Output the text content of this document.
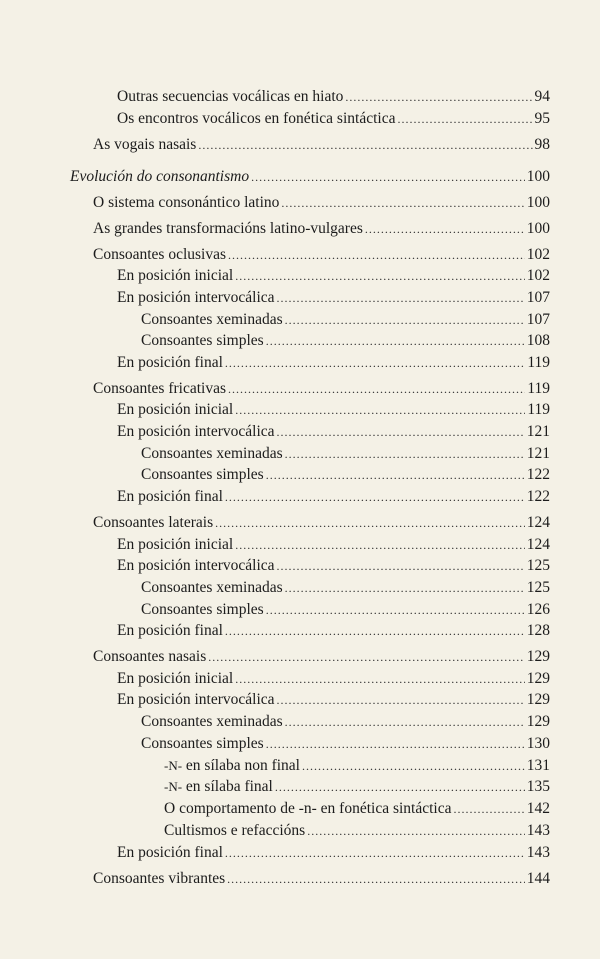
Outras secuencias vocálicas en hiato .....	94
Os encontros vocálicos en fonética sintáctica .....	95
As vogais nasais .....	98
Evolución do consonantismo .....	100
O sistema consonántico latino .....	100
As grandes transformacións latino-vulgares .....	100
Consoantes oclusivas .....	102
En posición inicial .....	102
En posición intervocálica .....	107
Consoantes xeminadas .....	107
Consoantes simples .....	108
En posición final .....	119
Consoantes fricativas .....	119
En posición inicial .....	119
En posición intervocálica .....	121
Consoantes xeminadas .....	121
Consoantes simples .....	122
En posición final .....	122
Consoantes laterais .....	124
En posición inicial .....	124
En posición intervocálica .....	125
Consoantes xeminadas .....	125
Consoantes simples .....	126
En posición final .....	128
Consoantes nasais .....	129
En posición inicial .....	129
En posición intervocálica .....	129
Consoantes xeminadas .....	129
Consoantes simples .....	130
-N- en sílaba non final .....	131
-N- en sílaba final .....	135
O comportamento de -n- en fonética sintáctica .....	142
Cultismos e refaccións .....	143
En posición final .....	143
Consoantes vibrantes .....	144
